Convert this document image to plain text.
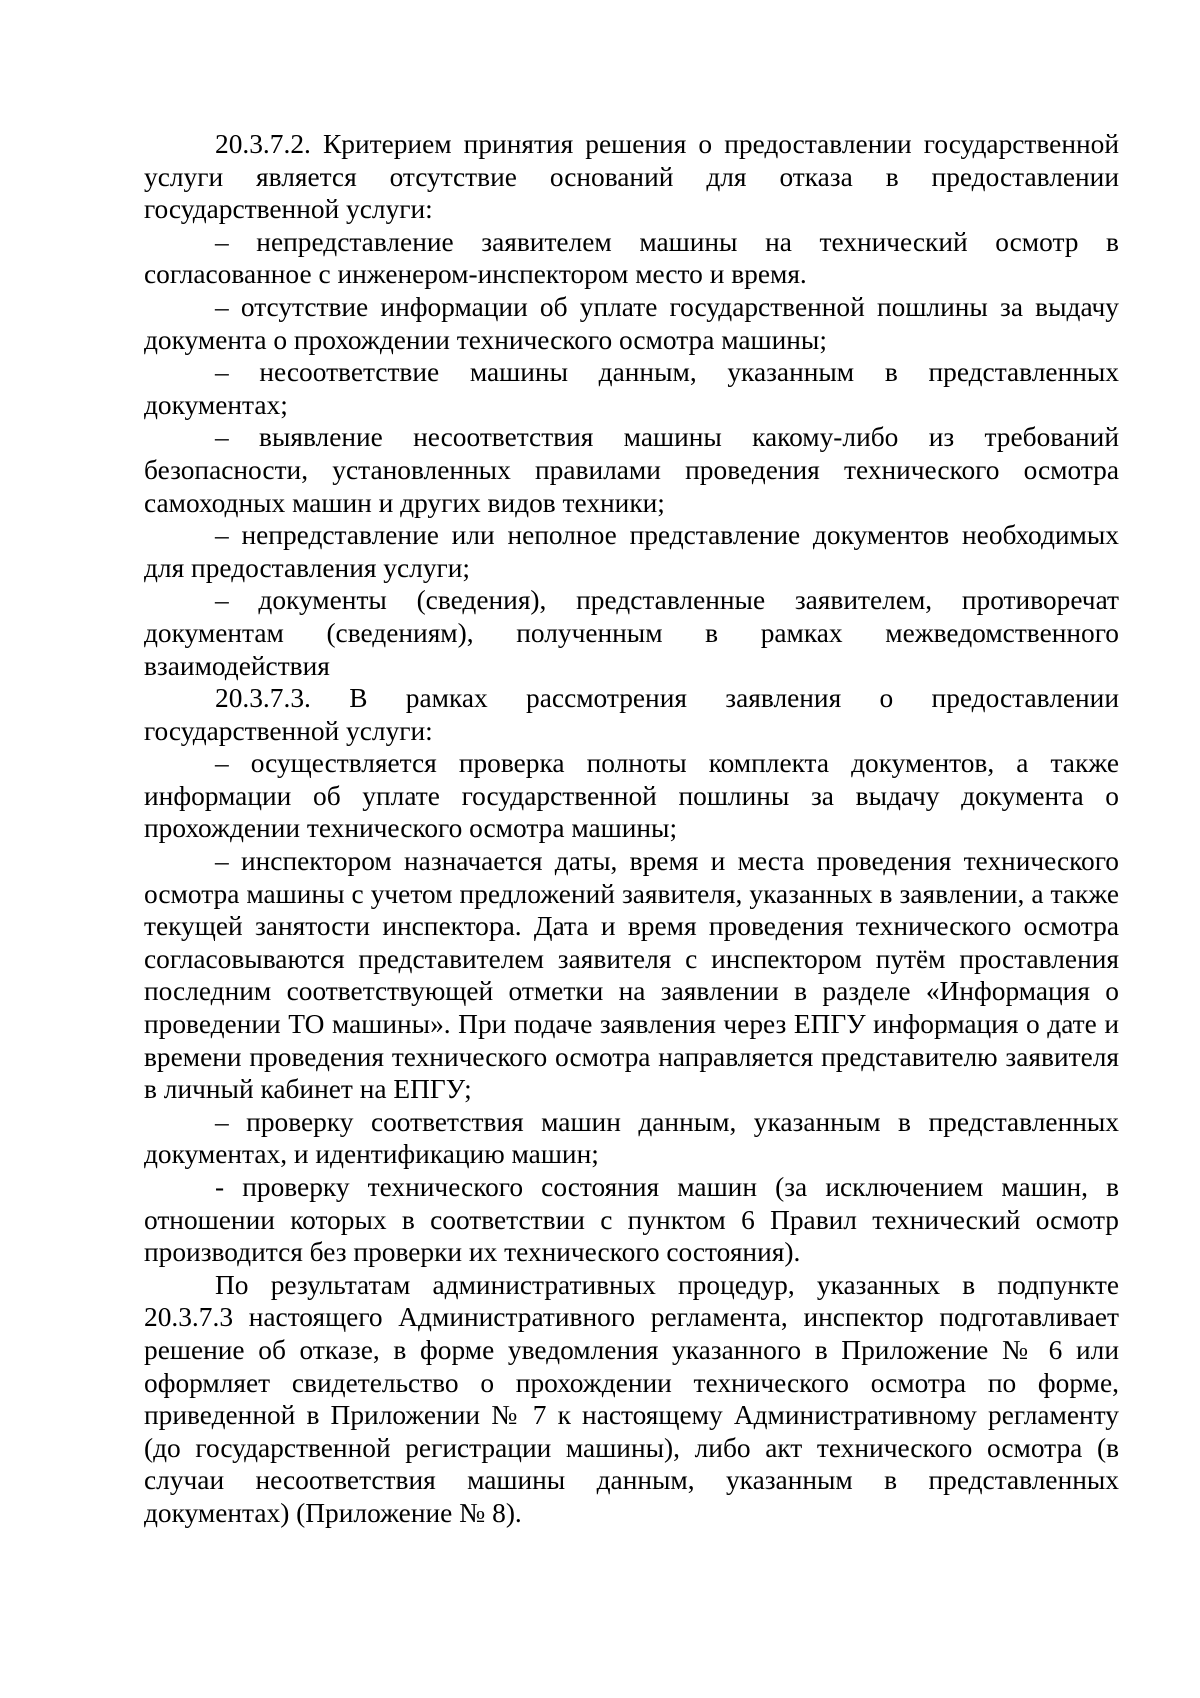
20.3.7.2. Критерием принятия решения о предоставлении государственной услуги является отсутствие оснований для отказа в предоставлении государственной услуги:

– непредставление заявителем машины на технический осмотр в согласованное с инженером-инспектором место и время.

– отсутствие информации об уплате государственной пошлины за выдачу документа о прохождении технического осмотра машины;

– несоответствие машины данным, указанным в представленных документах;

– выявление несоответствия машины какому-либо из требований безопасности, установленных правилами проведения технического осмотра самоходных машин и других видов техники;

– непредставление или неполное представление документов необходимых для предоставления услуги;

– документы (сведения), представленные заявителем, противоречат документам (сведениям), полученным в рамках межведомственного взаимодействия

20.3.7.3. В рамках рассмотрения заявления о предоставлении государственной услуги:

– осуществляется проверка полноты комплекта документов, а также информации об уплате государственной пошлины за выдачу документа о прохождении технического осмотра машины;

– инспектором назначается даты, время и места проведения технического осмотра машины с учетом предложений заявителя, указанных в заявлении, а также текущей занятости инспектора. Дата и время проведения технического осмотра согласовываются представителем заявителя с инспектором путём проставления последним соответствующей отметки на заявлении в разделе «Информация о проведении ТО машины». При подаче заявления через ЕПГУ информация о дате и времени проведения технического осмотра направляется представителю заявителя в личный кабинет на ЕПГУ;

– проверку соответствия машин данным, указанным в представленных документах, и идентификацию машин;

- проверку технического состояния машин (за исключением машин, в отношении которых в соответствии с пунктом 6 Правил технический осмотр производится без проверки их технического состояния).

По результатам административных процедур, указанных в подпункте 20.3.7.3 настоящего Административного регламента, инспектор подготавливает решение об отказе, в форме уведомления указанного в Приложение № 6 или оформляет свидетельство о прохождении технического осмотра по форме, приведенной в Приложении № 7 к настоящему Административному регламенту (до государственной регистрации машины), либо акт технического осмотра (в случаи несоответствия машины данным, указанным в представленных документах) (Приложение № 8).
